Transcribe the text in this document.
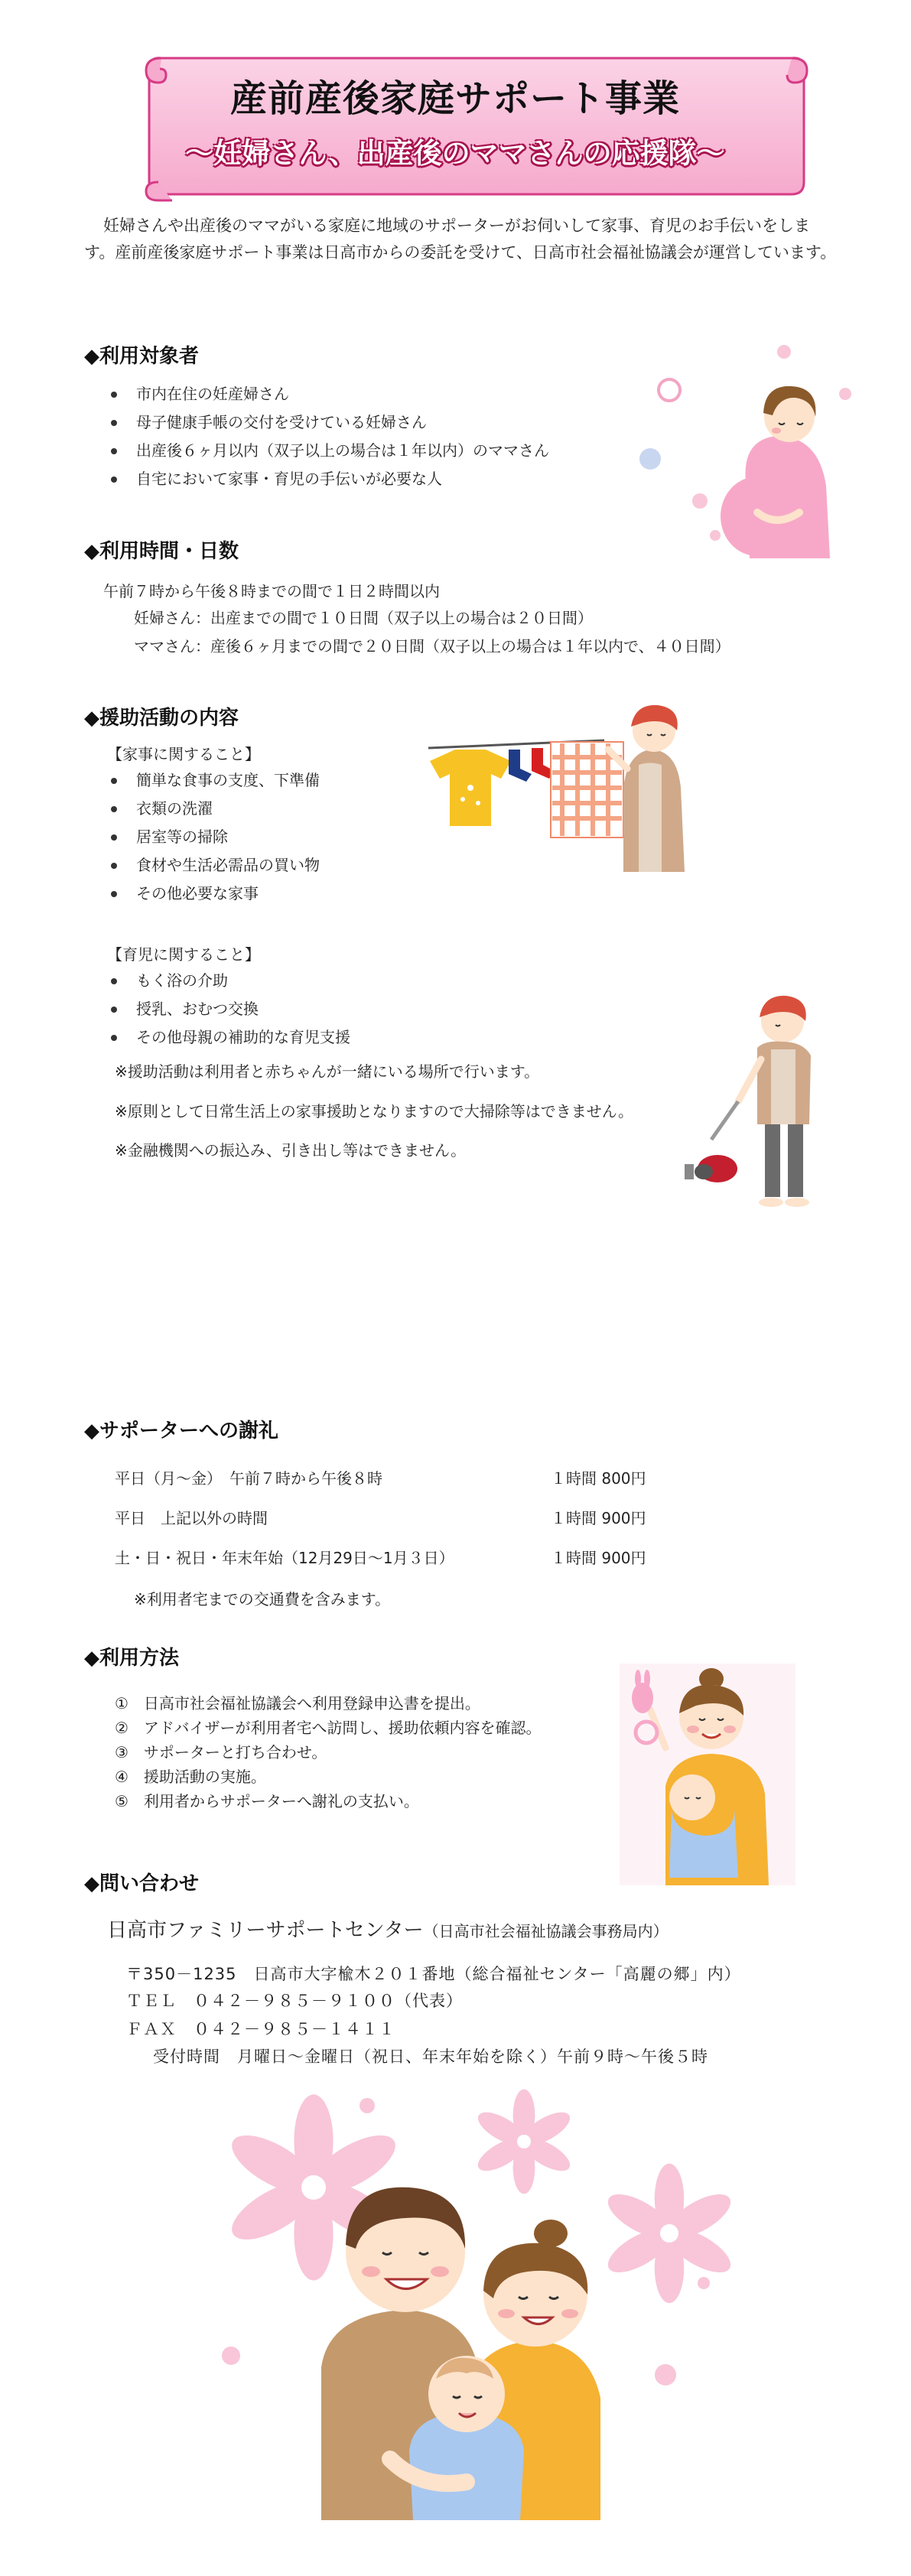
産前産後家庭サポート事業
～妊婦さん、出産後のママさんの応援隊～
妊婦さんや出産後のママがいる家庭に地域のサポーターがお伺いして家事、育児のお手伝いをします。産前産後家庭サポート事業は日高市からの委託を受けて、日高市社会福祉協議会が運営しています。
◆利用対象者
市内在住の妊産婦さん
母子健康手帳の交付を受けている妊婦さん
出産後６ヶ月以内（双子以上の場合は１年以内）のママさん
自宅において家事・育児の手伝いが必要な人
◆利用時間・日数
午前７時から午後８時までの間で１日２時間以内
妊婦さん：出産までの間で１０日間（双子以上の場合は２０日間）
ママさん：産後６ヶ月までの間で２０日間（双子以上の場合は１年以内で、４０日間）
◆援助活動の内容
【家事に関すること】
簡単な食事の支度、下準備
衣類の洗濯
居室等の掃除
食材や生活必需品の買い物
その他必要な家事
【育児に関すること】
もく浴の介助
授乳、おむつ交換
その他母親の補助的な育児支援
※援助活動は利用者と赤ちゃんが一緒にいる場所で行います。
※原則として日常生活上の家事援助となりますので大掃除等はできません。
※金融機関への振込み、引き出し等はできません。
◆サポーターへの謝礼
平日（月～金）　午前７時から午後８時	１時間 800円
平日　上記以外の時間	１時間 900円
土・日・祝日・年末年始（12月29日～1月３日）	１時間 900円
※利用者宅までの交通費を含みます。
◆利用方法
①　日高市社会福祉協議会へ利用登録申込書を提出。
②　アドバイザーが利用者宅へ訪問し、援助依頼内容を確認。
③　サポーターと打ち合わせ。
④　援助活動の実施。
⑤　利用者からサポーターへ謝礼の支払い。
◆問い合わせ
日高市ファミリーサポートセンター（日高市社会福祉協議会事務局内）
〒350－1235　日高市大字楡木２０１番地（総合福祉センター「高麗の郷」内）
ＴＥＬ　０４２－９８５－９１００（代表）
ＦＡＸ　０４２－９８５－１４１１
受付時間　月曜日～金曜日（祝日、年末年始を除く）午前９時～午後５時
